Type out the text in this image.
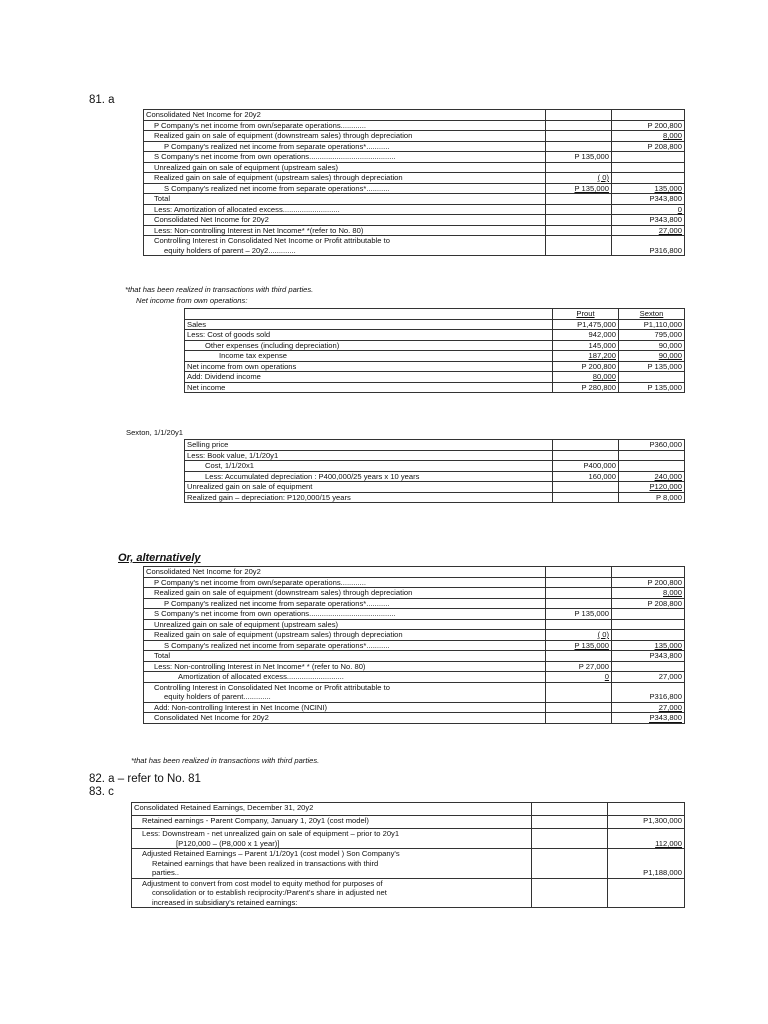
81. a
Consolidated Net Income for 20y2		
P Company's net income from own/separate operations............		P 200,800
Realized gain on sale of equipment (downstream sales) through depreciation		8,000
P Company's realized net income from separate operations*...........		P 208,800
S Company's net income from own operations.........................................	P 135,000	
Unrealized gain on sale of equipment (upstream sales)		
Realized gain on sale of equipment (upstream sales) through depreciation	( 0)	
S Company's realized net income from separate operations*...........	P 135,000	135,000
Total		P343,800
Less: Amortization of allocated excess...........................		0
Consolidated Net Income for 20y2		P343,800
Less: Non-controlling Interest in Net Income* *(refer to No. 80)		27,000

Controlling Interest in Consolidated Net Income or Profit attributable to
equity holders of parent – 20y2.............		P316,800
*that has been realized in transactions with third parties.
Net income from own operations:
	Prout	Sexton
Sales	P1,475,000	P1,110,000
Less: Cost of goods sold	942,000	795,000
Other expenses (including depreciation)	145,000	90,000
Income tax expense	187,200	90,000
Net income from own operations	P 200,800	P 135,000
Add: Dividend income	80,000	
Net income	P 280,800	P 135,000
Sexton, 1/1/20y1
Selling price		P360,000
Less: Book value, 1/1/20y1		
Cost, 1/1/20x1	P400,000	
Less: Accumulated depreciation : P400,000/25 years x 10 years	160,000	240,000
Unrealized gain on sale of equipment		P120,000
Realized gain – depreciation: P120,000/15 years		P 8,000
Or, alternatively
Consolidated Net Income for 20y2		
P Company's net income from own/separate operations............		P 200,800
Realized gain on sale of equipment (downstream sales) through depreciation		8,000
P Company's realized net income from separate operations*...........		P 208,800
S Company's net income from own operations.........................................	P 135,000	
Unrealized gain on sale of equipment (upstream sales)		
Realized gain on sale of equipment (upstream sales) through depreciation	( 0)	
S Company's realized net income from separate operations*...........	P 135,000	135,000
Total		P343,800
Less: Non-controlling Interest in Net Income* * (refer to No. 80)	P 27,000	
Amortization of allocated excess...........................	0	27,000

Controlling Interest in Consolidated Net Income or Profit attributable to
equity holders of parent.............		P316,800
Add: Non-controlling Interest in Net Income (NCINI)		27,000
Consolidated Net Income for 20y2		P343,800
*that has been realized in transactions with third parties.
82. a – refer to No. 81
83. c
Consolidated Retained Earnings, December 31, 20y2		
Retained earnings - Parent Company, January 1, 20y1 (cost model)		P1,300,000

Less: Downstream - net unrealized gain on sale of equipment – prior to 20y1
[P120,000 – (P8,000 x 1 year)]		112,000

Adjusted Retained Earnings – Parent 1/1/20y1 (cost model ) Son Company's
Retained earnings that have been realized in transactions with third
parties..		P1,188,000

Adjustment to convert from cost model to equity method for purposes of
consolidation or to establish reciprocity:/Parent's share in adjusted net
increased in subsidiary's retained earnings:		
